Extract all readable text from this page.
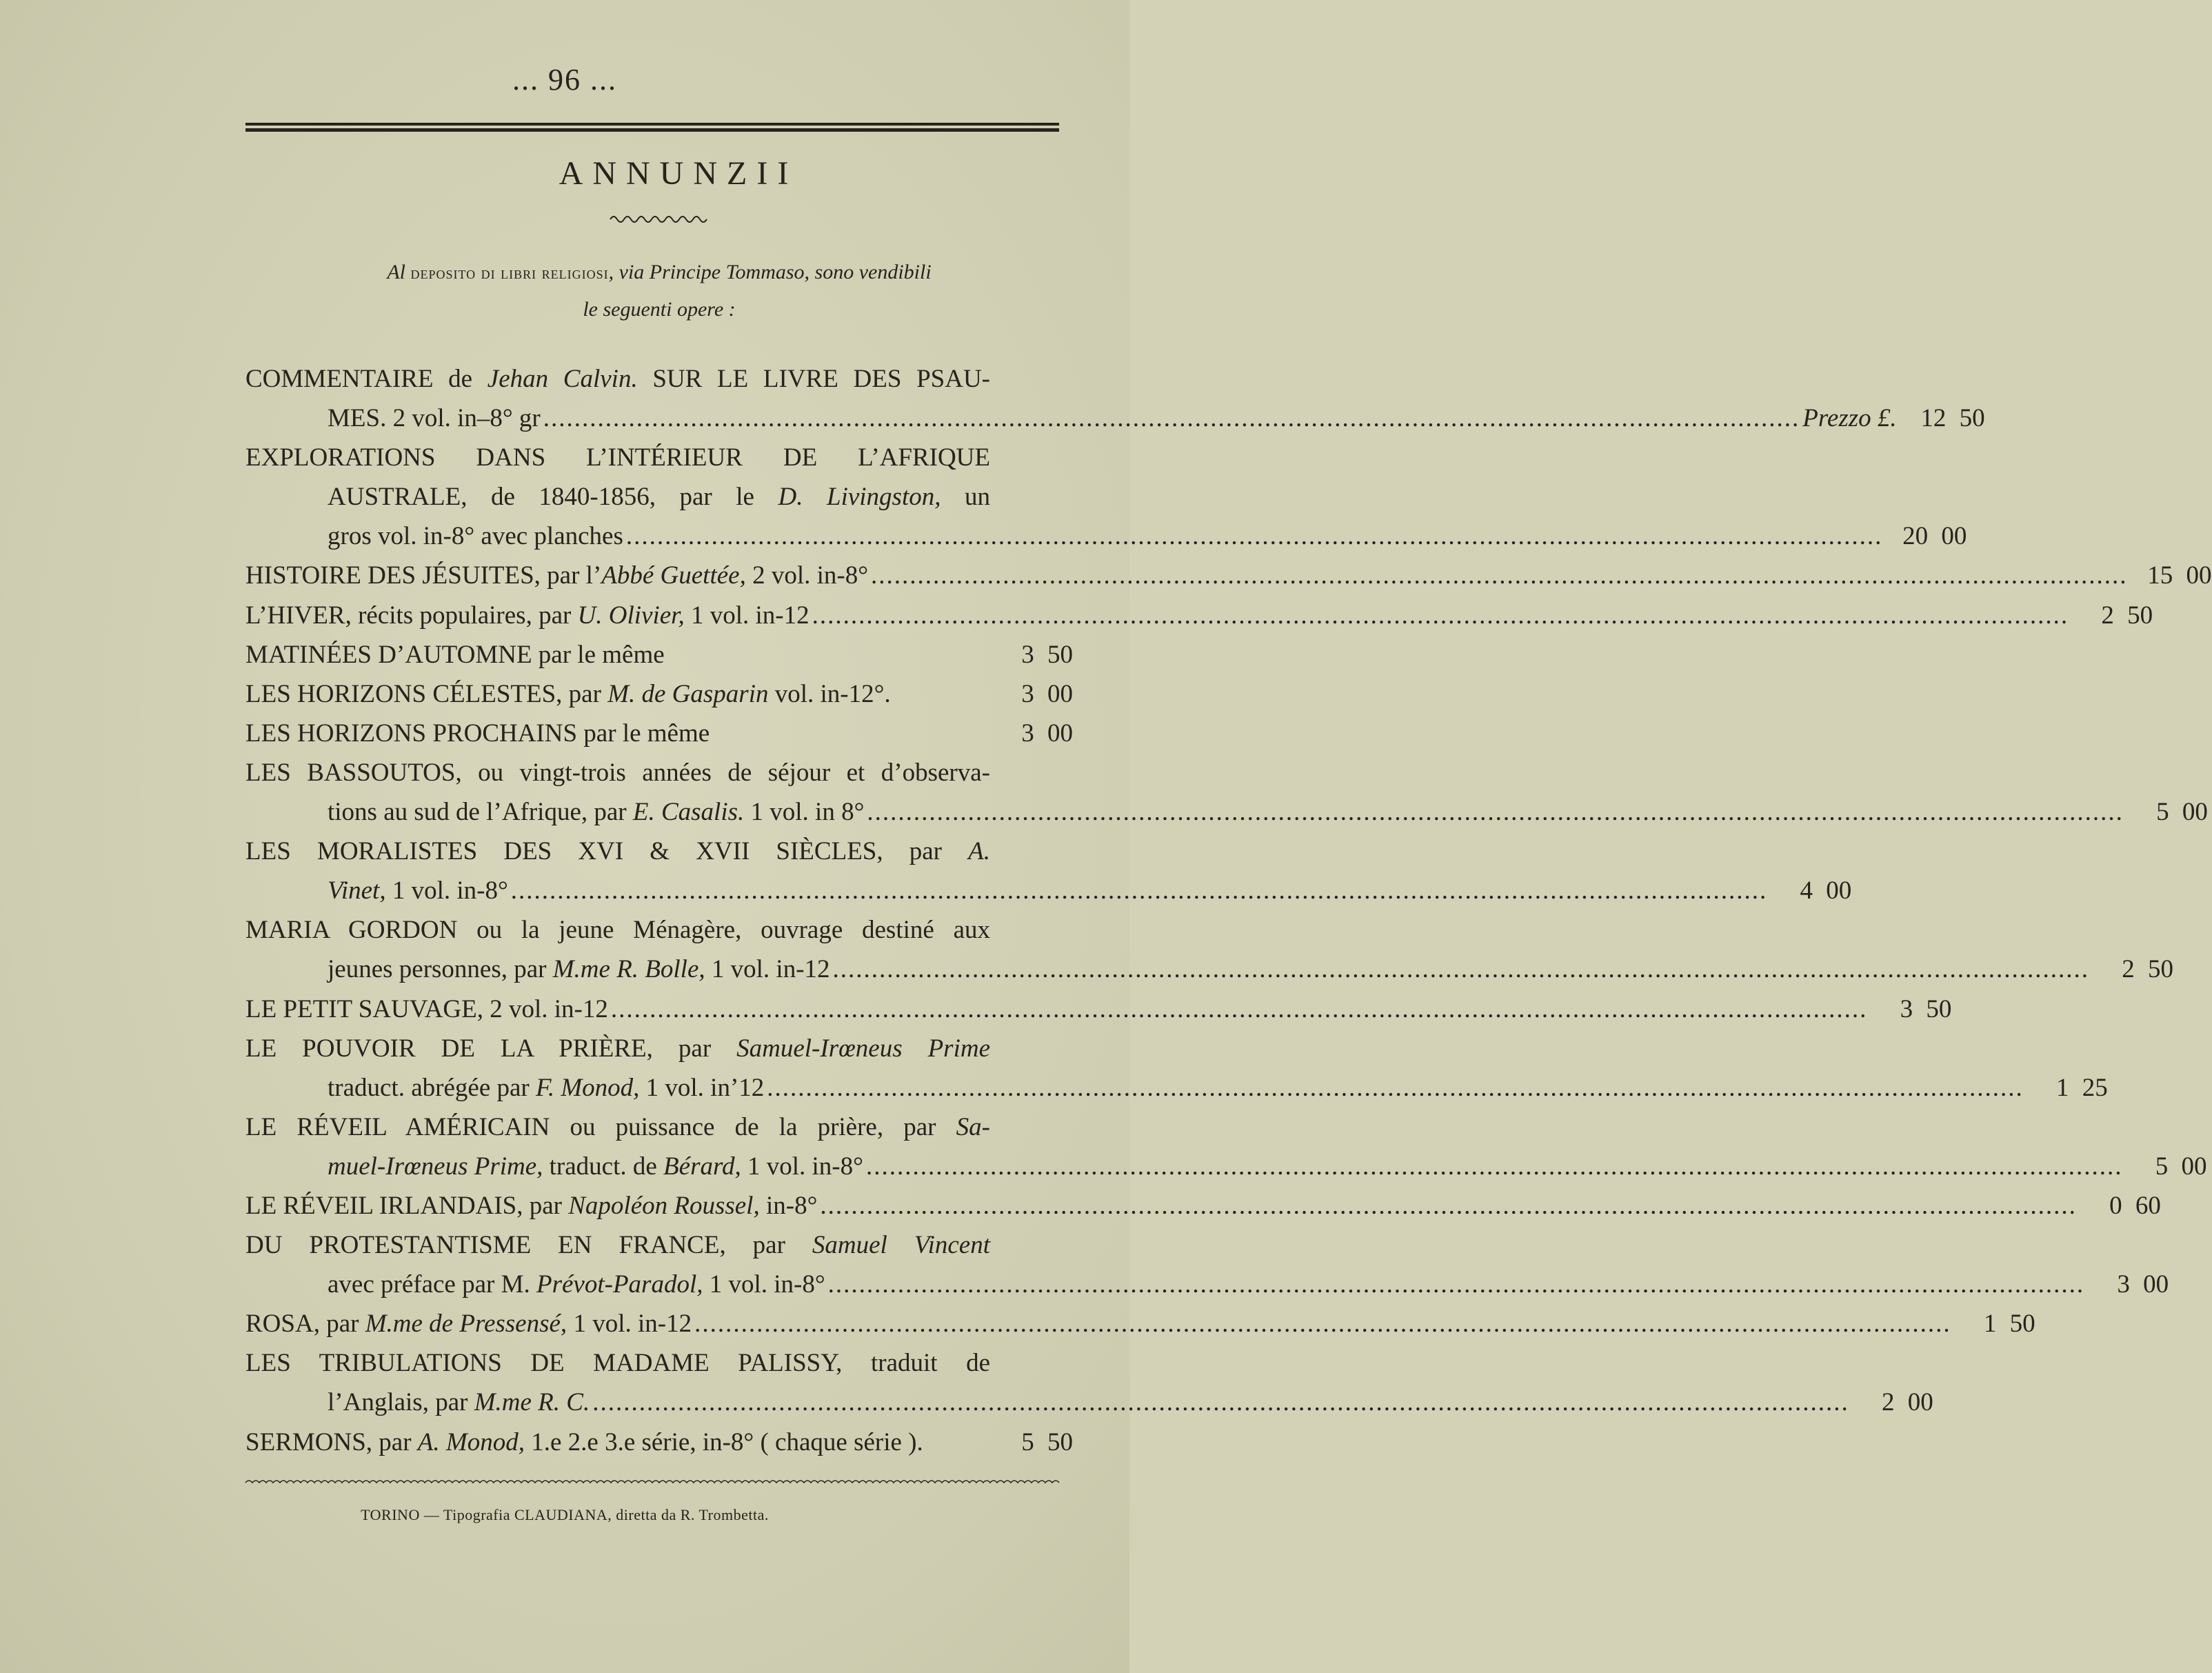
... 96 ...
ANNUNZII
Al deposito di libri religiosi, via Principe Tommaso, sono vendibili
le seguenti opere :
COMMENTAIRE de Jehan Calvin. SUR LE LIVRE DES PSAU-
MES. 2 vol. in–8° gr .................................................................................................................................................................. Prezzo £. 12 50
EXPLORATIONS DANS L’INTÉRIEUR DE L’AFRIQUE
AUSTRALE, de 1840-1856, par le D. Livingston, un
gros vol. in-8° avec planches .................................................................................................................................................................. 20 00
HISTOIRE DES JÉSUITES, par l’Abbé Guettée, 2 vol. in-8° .................................................................................................................................................................. 15 00
L’HIVER, récits populaires, par U. Olivier, 1 vol. in-12 ..................................................................................................................................................................	2 50
MATINÉES D’AUTOMNE par le même	3 50
LES HORIZONS CÉLESTES, par M. de Gasparin vol. in-12°.	3 00
LES HORIZONS PROCHAINS par le même	3 00
LES BASSOUTOS, ou vingt-trois années de séjour et d’observa-
tions au sud de l’Afrique, par E. Casalis. 1 vol. in 8° ..................................................................................................................................................................	5 00
LES MORALISTES DES XVI & XVII SIÈCLES, par A.
Vinet, 1 vol. in-8° ..................................................................................................................................................................	4 00
MARIA GORDON ou la jeune Ménagère, ouvrage destiné aux
jeunes personnes, par M.me R. Bolle, 1 vol. in-12 ..................................................................................................................................................................	2 50
LE PETIT SAUVAGE, 2 vol. in-12 ..................................................................................................................................................................	3 50
LE POUVOIR DE LA PRIÈRE, par Samuel-Irœneus Prime
traduct. abrégée par F. Monod, 1 vol. in’12 ..................................................................................................................................................................	1 25
LE RÉVEIL AMÉRICAIN ou puissance de la prière, par Sa-
muel-Irœneus Prime, traduct. de Bérard, 1 vol. in-8° ..................................................................................................................................................................	5 00
LE RÉVEIL IRLANDAIS, par Napoléon Roussel, in-8° ..................................................................................................................................................................	0 60
DU PROTESTANTISME EN FRANCE, par Samuel Vincent
avec préface par M. Prévot-Paradol, 1 vol. in-8° ..................................................................................................................................................................	3 00
ROSA, par M.me de Pressensé, 1 vol. in-12 ..................................................................................................................................................................	1 50
LES TRIBULATIONS DE MADAME PALISSY, traduit de
l’Anglais, par M.me R. C. ..................................................................................................................................................................	2 00
SERMONS, par A. Monod, 1.e 2.e 3.e série, in-8° ( chaque série ).	5 50
TORINO — Tipografia CLAUDIANA, diretta da R. Trombetta.
